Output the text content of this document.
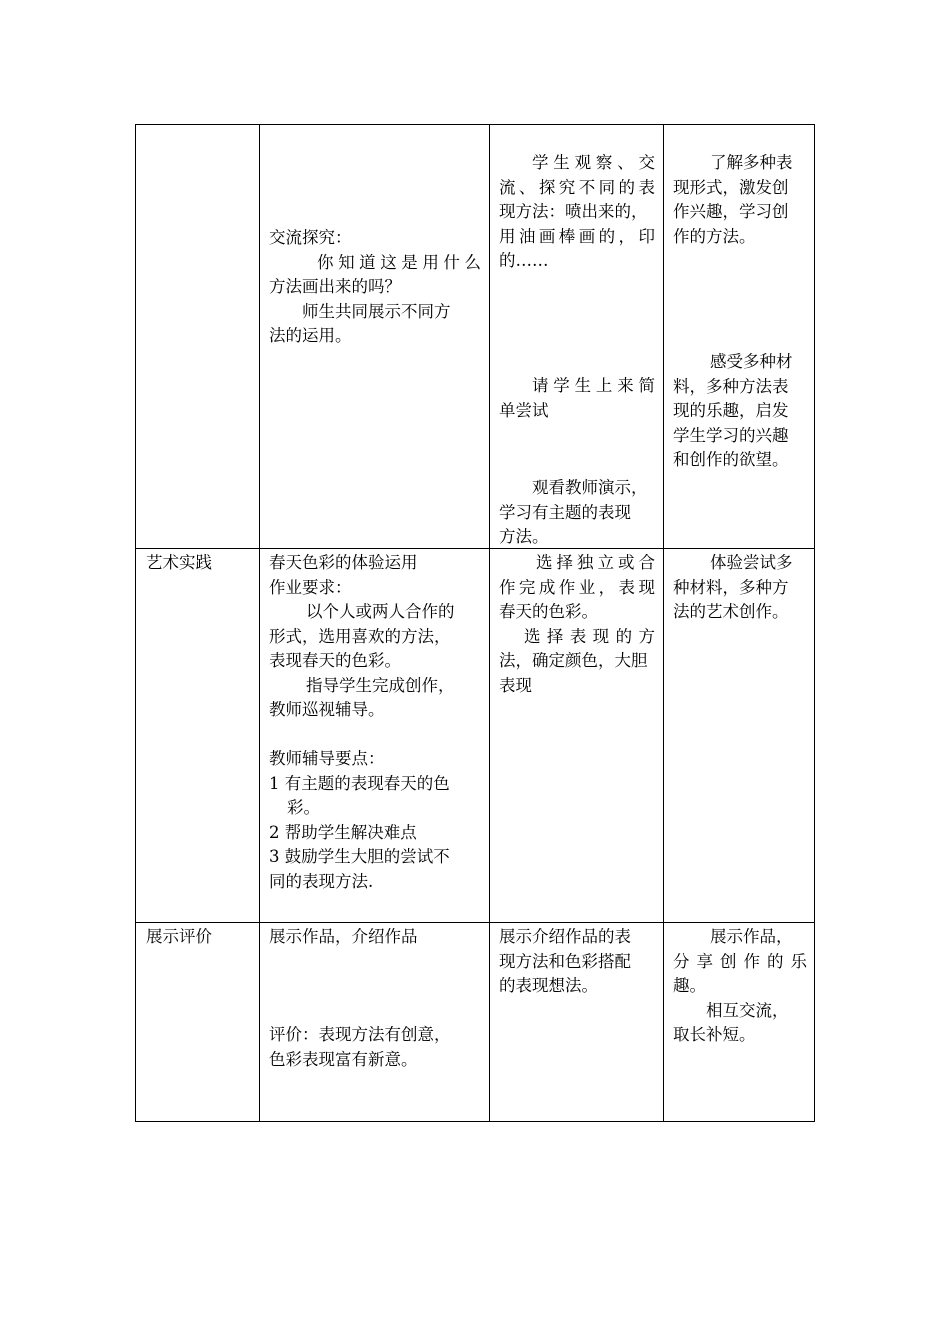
艺术实践
交流探究：
你 知 道 这 是 用 什 么
方法画出来的吗？
师生共同展示不同方
法的运用。
学 生 观 察 、 交
流 、 探 究 不 同 的 表
现方法：喷出来的，
用 油 画 棒 画 的 ， 印
的……
请 学 生 上 来 简
单尝试
观看教师演示，
学习有主题的表现
方法。
了解多种表
现形式，激发创
作兴趣，学习创
作的方法。
感受多种材
料，多种方法表
现的乐趣，启发
学生学习的兴趣
和创作的欲望。
春天色彩的体验运用
作业要求：
以个人或两人合作的
形式，选用喜欢的方法，
表现春天的色彩。
指导学生完成创作，
教师巡视辅导。
教师辅导要点：
1 有主题的表现春天的色
彩。
2 帮助学生解决难点
3 鼓励学生大胆的尝试不
同的表现方法.
选 择 独 立 或 合
作 完 成 作 业 ， 表 现
春天的色彩。
选 择 表 现 的 方
法，确定颜色，大胆
表现
体验尝试多
种材料，多种方
法的艺术创作。
展示评价	展示作品，介绍作品
评价：表现方法有创意，
色彩表现富有新意。
展示介绍作品的表
现方法和色彩搭配
的表现想法。
展示作品，
分 享 创 作 的 乐
趣。
相互交流，
取长补短。
